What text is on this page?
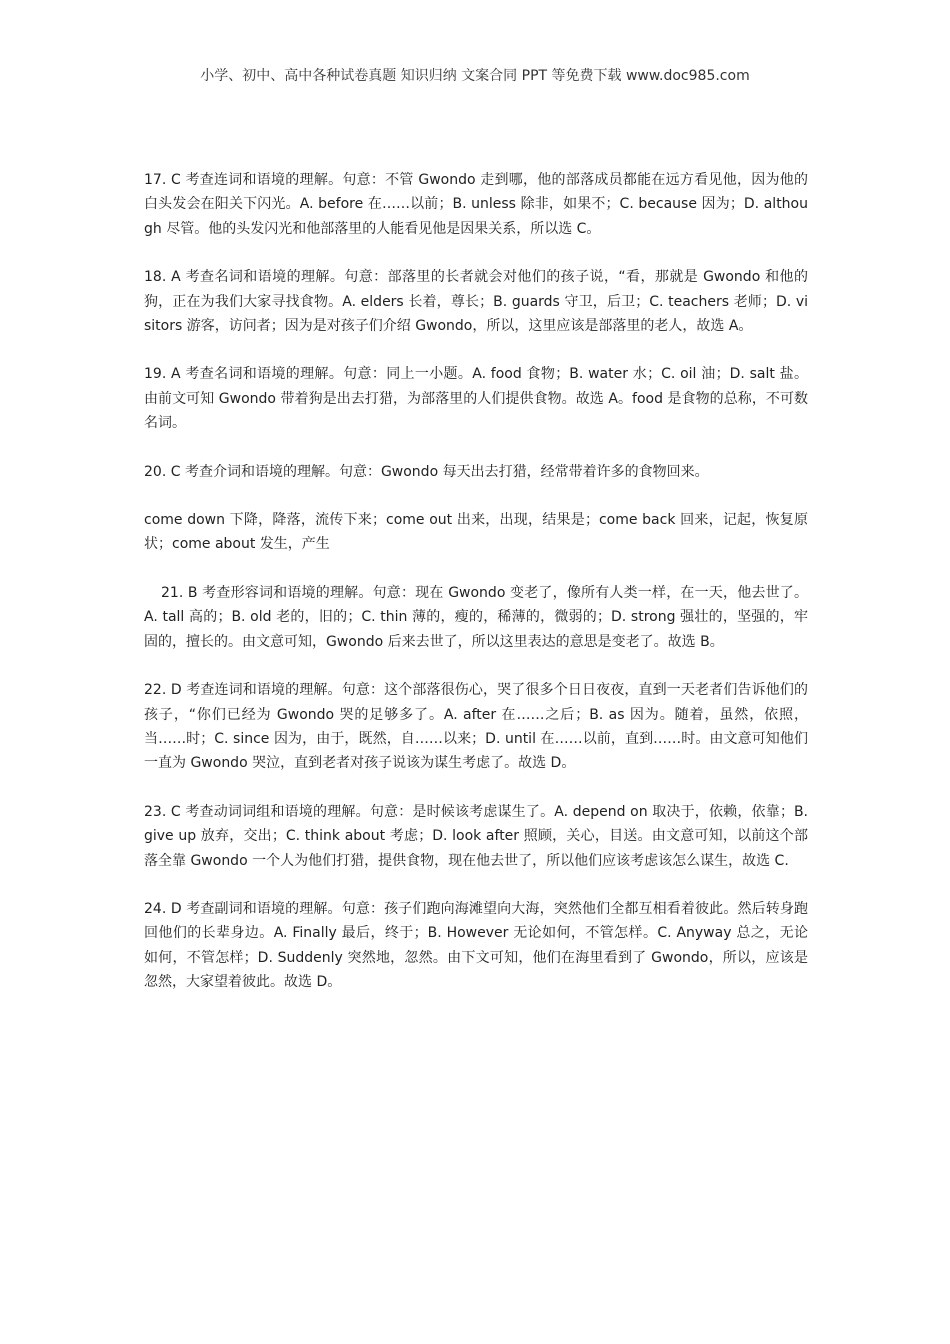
小学、初中、高中各种试卷真题 知识归纳 文案合同 PPT 等免费下载 www.doc985.com

17. C 考查连词和语境的理解。句意：不管 Gwondo 走到哪，他的部落成员都能在远方看见他，因为他的白头发会在阳关下闪光。A. before 在……以前；B. unless 除非，如果不；C. because 因为；D. although 尽管。他的头发闪光和他部落里的人能看见他是因果关系，所以选 C。

18. A 考查名词和语境的理解。句意：部落里的长者就会对他们的孩子说，“看，那就是 Gwondo 和他的狗，正在为我们大家寻找食物。A. elders 长着，尊长；B. guards 守卫，后卫；C. teachers 老师；D. visitors 游客，访问者；因为是对孩子们介绍 Gwondo，所以，这里应该是部落里的老人，故选 A。

19. A 考查名词和语境的理解。句意：同上一小题。A. food 食物；B. water 水；C. oil 油；D. salt 盐。由前文可知 Gwondo 带着狗是出去打猎，为部落里的人们提供食物。故选 A。food 是食物的总称，不可数名词。

20. C 考查介词和语境的理解。句意：Gwondo 每天出去打猎，经常带着许多的食物回来。

come down 下降，降落，流传下来；come out 出来，出现，结果是；come back 回来，记起，恢复原状；come about 发生，产生

21. B 考查形容词和语境的理解。句意：现在 Gwondo 变老了，像所有人类一样，在一天，他去世了。A. tall 高的；B. old 老的，旧的；C. thin 薄的，瘦的，稀薄的，微弱的；D. strong 强壮的，坚强的，牢固的，擅长的。由文意可知，Gwondo 后来去世了，所以这里表达的意思是变老了。故选 B。

22. D 考查连词和语境的理解。句意：这个部落很伤心，哭了很多个日日夜夜，直到一天老者们告诉他们的孩子，“你们已经为 Gwondo 哭的足够多了。A. after 在……之后；B. as 因为。随着，虽然，依照，当……时；C. since 因为，由于，既然，自……以来；D. until 在……以前，直到……时。由文意可知他们一直为 Gwondo 哭泣，直到老者对孩子说该为谋生考虑了。故选 D。

23. C 考查动词词组和语境的理解。句意：是时候该考虑谋生了。A. depend on 取决于，依赖，依靠；B. give up 放弃，交出；C. think about 考虑；D. look after 照顾，关心，目送。由文意可知，以前这个部落全靠 Gwondo 一个人为他们打猎，提供食物，现在他去世了，所以他们应该考虑该怎么谋生，故选 C.

24. D 考查副词和语境的理解。句意：孩子们跑向海滩望向大海，突然他们全都互相看着彼此。然后转身跑回他们的长辈身边。A. Finally 最后，终于；B. However 无论如何，不管怎样。C. Anyway 总之，无论如何，不管怎样；D. Suddenly 突然地，忽然。由下文可知，他们在海里看到了 Gwondo，所以，应该是忽然，大家望着彼此。故选 D。
